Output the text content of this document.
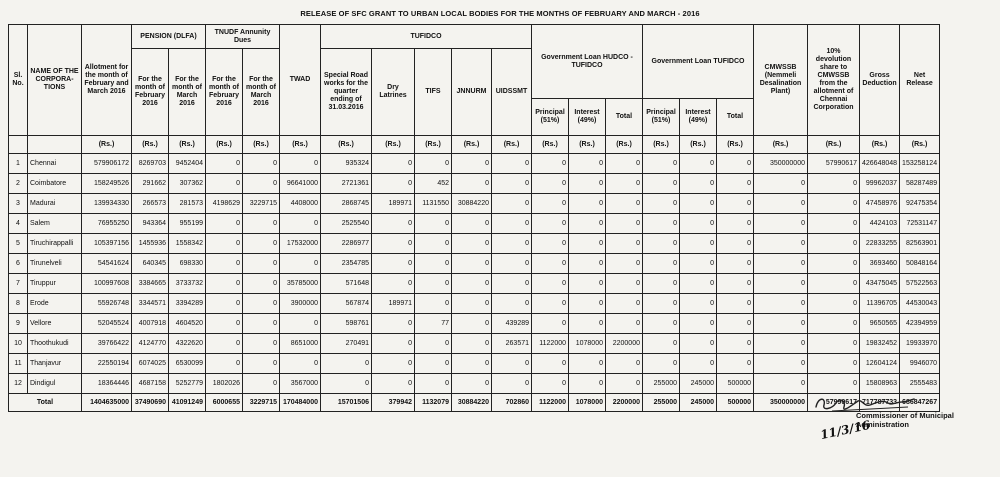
RELEASE OF SFC GRANT TO URBAN LOCAL BODIES FOR THE MONTHS OF FEBRUARY AND MARCH - 2016
Sl. No.	NAME OF THE CORPORA-TIONS	Allotment for the month of February and March 2016	PENSION (DLFA)		TNUDF Annunity Dues		TWAD	TUFIDCO					Government Loan HUDCO - TUFIDCO			Government Loan TUFIDCO			CMWSSB (Nemmeli Desalination Plant)	10% devolution share to CMWSSB from the allotment of Chennai Corporation	Gross Deduction	Net Release
			For the month of February 2016	For the month of March 2016	For the month of February 2016	For the month of March 2016		Special Road works for the quarter ending of 31.03.2016	Dry Latrines	TIFS	JNNURM	UIDSSMT										
													Principal (51%)	Interest (49%)	Total	Principal (51%)	Interest (49%)	Total				
		(Rs.)	(Rs.)	(Rs.)	(Rs.)	(Rs.)	(Rs.)	(Rs.)	(Rs.)	(Rs.)	(Rs.)	(Rs.)	(Rs.)	(Rs.)	(Rs.)	(Rs.)	(Rs.)	(Rs.)	(Rs.)	(Rs.)	(Rs.)	(Rs.)
1	Chennai	579906172	8269703	9452404	0	0	0	935324	0	0	0	0	0	0	0	0	0	0	350000000	57990617	426648048	153258124
2	Coimbatore	158249526	291662	307362	0	0	96641000	2721361	0	452	0	0	0	0	0	0	0	0	0	0	99962037	58287489
3	Madurai	139934330	266573	281573	4198629	3229715	4408000	2868745	189971	1131550	30884220	0	0	0	0	0	0	0	0	0	47458976	92475354
4	Salem	76955250	943364	955199	0	0	0	2525540	0	0	0	0	0	0	0	0	0	0	0	0	4424103	72531147
5	Tiruchirappalli	105397156	1455936	1558342	0	0	17532000	2286977	0	0	0	0	0	0	0	0	0	0	0	0	22833255	82563901
6	Tirunelveli	54541624	640345	698330	0	0	0	2354785	0	0	0	0	0	0	0	0	0	0	0	0	3693460	50848164
7	Tiruppur	100997608	3384665	3733732	0	0	35785000	571648	0	0	0	0	0	0	0	0	0	0	0	0	43475045	57522563
8	Erode	55926748	3344571	3394289	0	0	3900000	567874	189971	0	0	0	0	0	0	0	0	0	0	0	11396705	44530043
9	Vellore	52045524	4007918	4604520	0	0	0	598761	0	77	0	439289	0	0	0	0	0	0	0	0	9650565	42394959
10	Thoothukudi	39766422	4124770	4322620	0	0	8651000	270491	0	0	0	263571	1122000	1078000	2200000	0	0	0	0	0	19832452	19933970
11	Thanjavur	22550194	6074025	6530099	0	0	0	0	0	0	0	0	0	0	0	0	0	0	0	0	12604124	9946070
12	Dindigul	18364446	4687158	5252779	1802026	0	3567000	0	0	0	0	0	0	0	0	255000	245000	500000	0	0	15808963	2555483
Total		1404635000	37490690	41091249	6000655	3229715	170484000	15701506	379942	1132079	30884220	702860	1122000	1078000	2200000	255000	245000	500000	350000000	57990617	717787733	686847267
Commissioner of Municipal Administration
11/3/16
